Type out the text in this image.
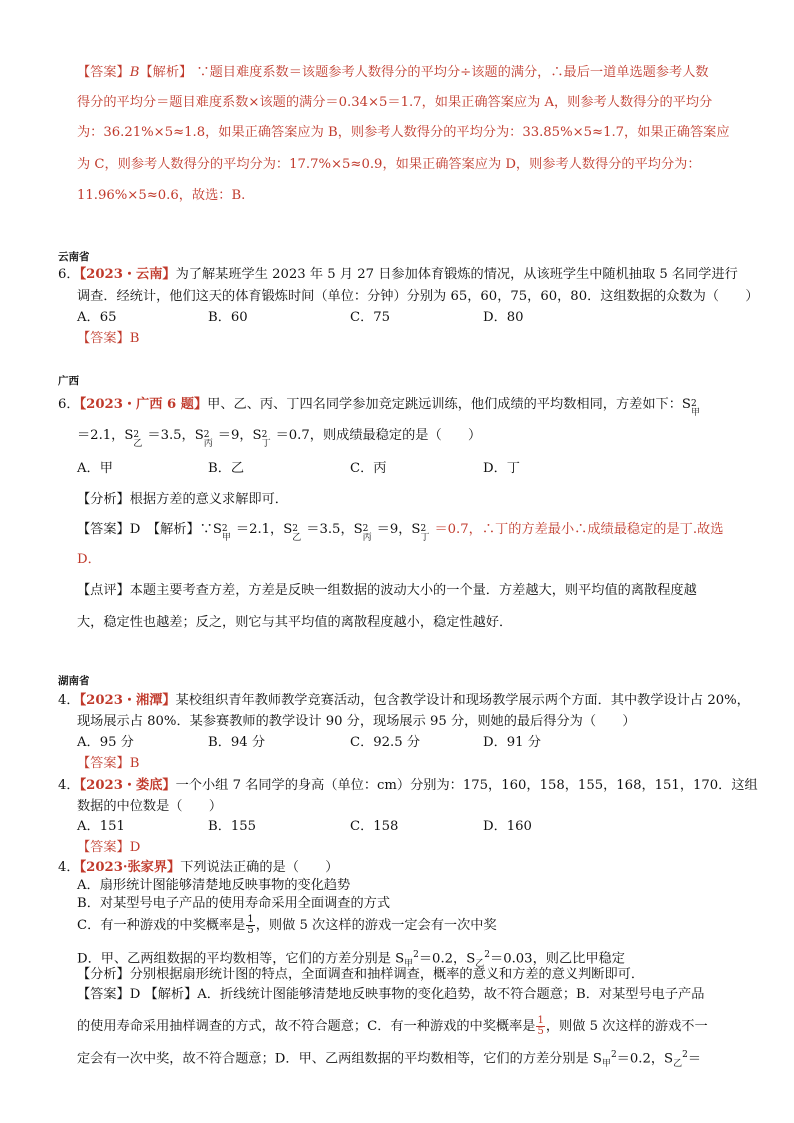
【答案】B【解析】 ∵题目难度系数＝该题参考人数得分的平均分÷该题的满分，∴最后一道单选题参考人数
得分的平均分＝题目难度系数×该题的满分＝0.34×5＝1.7，如果正确答案应为 A，则参考人数得分的平均分
为：36.21%×5≈1.8，如果正确答案应为 B，则参考人数得分的平均分为：33.85%×5≈1.7，如果正确答案应
为 C，则参考人数得分的平均分为：17.7%×5≈0.9，如果正确答案应为 D，则参考人数得分的平均分为：
11.96%×5≈0.6，故选：B.
云南省
6．【2023・云南】为了解某班学生 2023 年 5 月 27 日参加体育锻炼的情况，从该班学生中随机抽取 5 名同学进行
调查．经统计，他们这天的体育锻炼时间（单位：分钟）分别为 65，60，75，60，80．这组数据的众数为（　　）
A．65	B．60	C．75	D．80
【答案】B
广西
6．【2023・广西 6 题】甲、乙、丙、丁四名同学参加竞定跳远训练，他们成绩的平均数相同，方差如下：S 2
甲
＝2.1，S 2
乙
＝3.5，S 2
丙
＝9，S 2
丁
＝0.7，则成绩最稳定的是（　　）
A．甲	B．乙	C．丙	D．丁
【分析】根据方差的意义求解即可．
【答案】D　【解析】∵S 2
甲
＝2.1，S 2
乙
＝3.5，S 2
丙
＝9，S 2
丁
＝0.7，∴丁的方差最小∴成绩最稳定的是丁.故选
D．
【点评】本题主要考查方差，方差是反映一组数据的波动大小的一个量．方差越大，则平均值的离散程度越
大，稳定性也越差；反之，则它与其平均值的离散程度越小，稳定性越好．
湖南省
4．【2023・湘潭】某校组织青年教师教学竞赛活动，包含教学设计和现场教学展示两个方面．其中教学设计占 20%，
现场展示占 80%．某参赛教师的教学设计 90 分，现场展示 95 分，则她的最后得分为（　　）
A．95 分	B．94 分	C．92.5 分	D．91 分
【答案】B
4．【2023・娄底】一个小组 7 名同学的身高（单位：cm）分别为：175，160，158，155，168，151，170．这组
数据的中位数是（　　）
A．151	B．155	C．158	D．160
【答案】D
4．【2023·张家界】下列说法正确的是（　　）
A．扇形统计图能够清楚地反映事物的变化趋势
B．对某型号电子产品的使用寿命采用全面调查的方式
C．有一种游戏的中奖概率是 $\frac{1}{5}$ ，则做 5 次这样的游戏一定会有一次中奖
D．甲、乙两组数据的平均数相等，它们的方差分别是 $S_甲^2=0.2$，$S_乙^2=0.03$，则乙比甲稳定
【分析】分别根据扇形统计图的特点，全面调查和抽样调查，概率的意义和方差的意义判断即可．
【答案】D 【解析】A．折线统计图能够清楚地反映事物的变化趋势，故不符合题意；B．对某型号电子产品
的使用寿命采用抽样调查的方式，故不符合题意；C．有一种游戏的中奖概率是 $\frac{1}{5}$ ，则做 5 次这样的游戏不一
定会有一次中奖，故不符合题意；D．甲、乙两组数据的平均数相等，它们的方差分别是 $S_甲^2=0.2$，$S_乙^2=$
